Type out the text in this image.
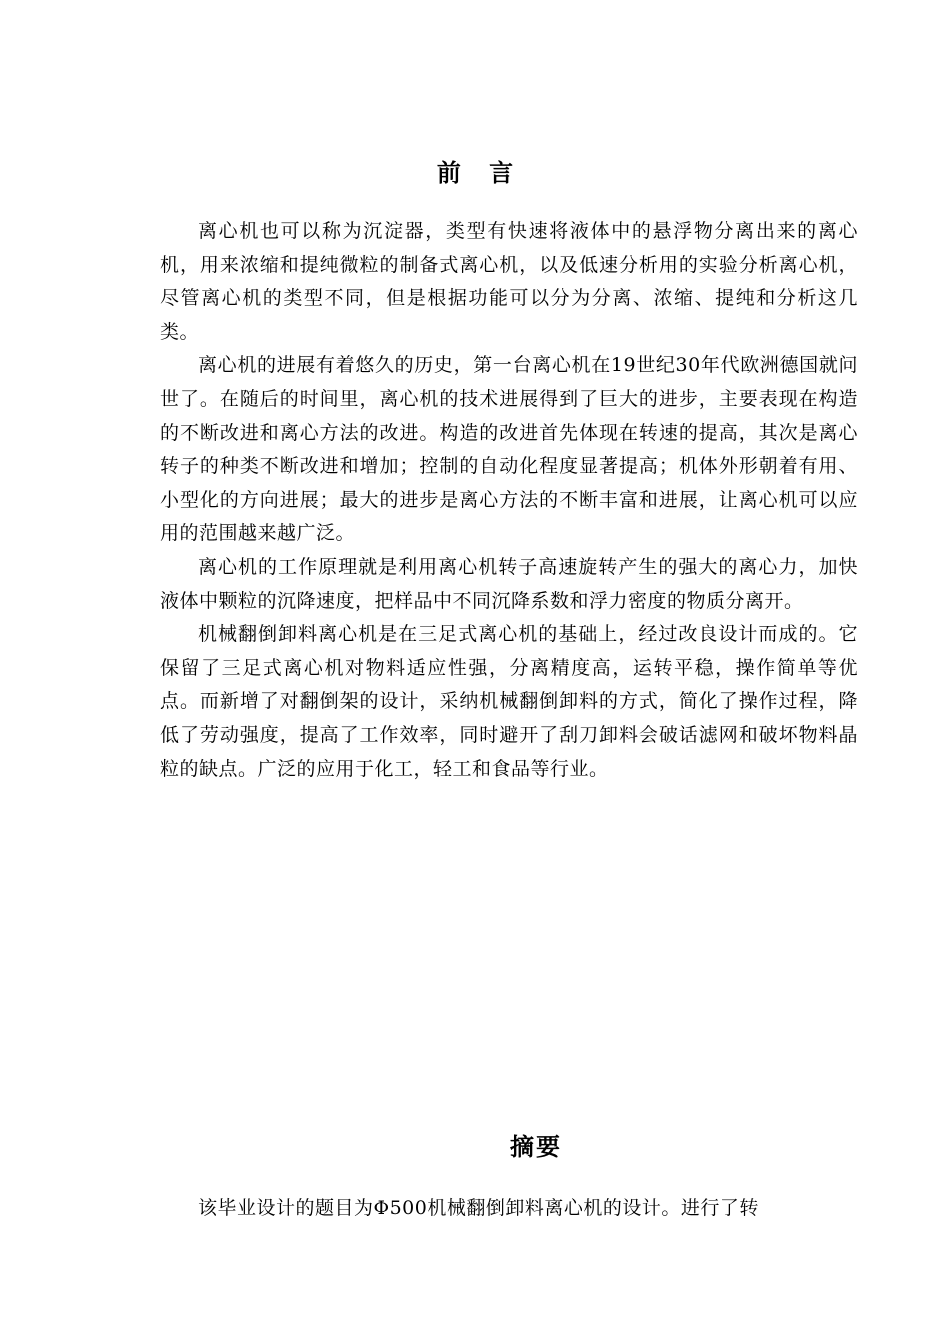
前 言

离心机也可以称为沉淀器，类型有快速将液体中的悬浮物分离出来的离心机，用来浓缩和提纯微粒的制备式离心机，以及低速分析用的实验分析离心机，尽管离心机的类型不同，但是根据功能可以分为分离、浓缩、提纯和分析这几类。

离心机的进展有着悠久的历史，第一台离心机在19世纪30年代欧洲德国就问世了。在随后的时间里，离心机的技术进展得到了巨大的进步，主要表现在构造的不断改进和离心方法的改进。构造的改进首先体现在转速的提高，其次是离心转子的种类不断改进和增加；控制的自动化程度显著提高；机体外形朝着有用、小型化的方向进展；最大的进步是离心方法的不断丰富和进展，让离心机可以应用的范围越来越广泛。

离心机的工作原理就是利用离心机转子高速旋转产生的强大的离心力，加快液体中颗粒的沉降速度，把样品中不同沉降系数和浮力密度的物质分离开。

机械翻倒卸料离心机是在三足式离心机的基础上，经过改良设计而成的。它保留了三足式离心机对物料适应性强，分离精度高，运转平稳，操作简单等优点。而新增了对翻倒架的设计，采纳机械翻倒卸料的方式，简化了操作过程，降低了劳动强度，提高了工作效率，同时避开了刮刀卸料会破话滤网和破坏物料晶粒的缺点。广泛的应用于化工，轻工和食品等行业。

摘要

该毕业设计的题目为Φ500机械翻倒卸料离心机的设计。进行了转
